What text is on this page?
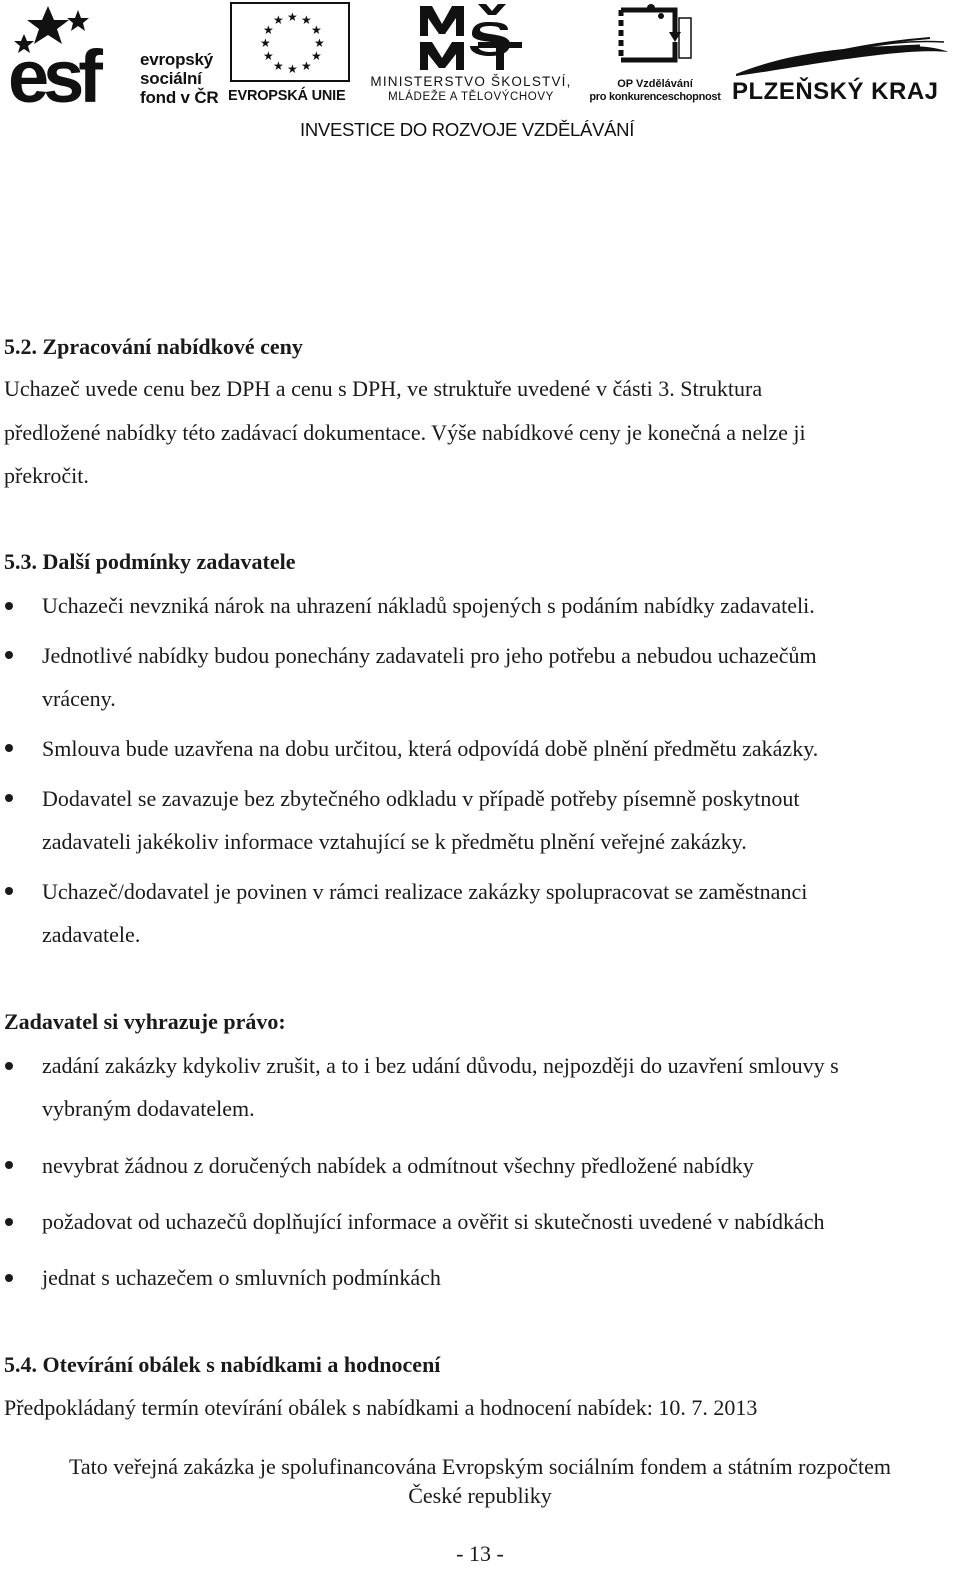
esf	evropský
sociální
fond v ČR
★ ★
★
★
★
★
★
★
★
★
★
★
EVROPSKÁ UNIE
MINISTERSTVO ŠKOLSTVÍ,
MLÁDEŽE A TĚLOVÝCHOVY
OP Vzdělávání
pro konkurenceschopnost PLZEŇSKÝ KRAJ
INVESTICE DO ROZVOJE VZDĚLÁVÁNÍ
5.2. Zpracování nabídkové ceny
Uchazeč uvede cenu bez DPH a cenu s DPH, ve struktuře uvedené v části 3. Struktura
předložené nabídky této zadávací dokumentace. Výše nabídkové ceny je konečná a nelze ji
překročit.
5.3. Další podmínky zadavatele
Uchazeči nevzniká nárok na uhrazení nákladů spojených s podáním nabídky zadavateli.
Jednotlivé nabídky budou ponechány zadavateli pro jeho potřebu a nebudou uchazečům
vráceny.
Smlouva bude uzavřena na dobu určitou, která odpovídá době plnění předmětu zakázky.
Dodavatel se zavazuje bez zbytečného odkladu v případě potřeby písemně poskytnout
zadavateli jakékoliv informace vztahující se k předmětu plnění veřejné zakázky.
Uchazeč/dodavatel je povinen v rámci realizace zakázky spolupracovat se zaměstnanci
zadavatele.
Zadavatel si vyhrazuje právo:
zadání zakázky kdykoliv zrušit, a to i bez udání důvodu, nejpozději do uzavření smlouvy s
vybraným dodavatelem.
nevybrat žádnou z doručených nabídek a odmítnout všechny předložené nabídky
požadovat od uchazečů doplňující informace a ověřit si skutečnosti uvedené v nabídkách
jednat s uchazečem o smluvních podmínkách
5.4. Otevírání obálek s nabídkami a hodnocení
Předpokládaný termín otevírání obálek s nabídkami a hodnocení nabídek: 10. 7. 2013
Tato veřejná zakázka je spolufinancována Evropským sociálním fondem a státním rozpočtem
České republiky
- 13 -
